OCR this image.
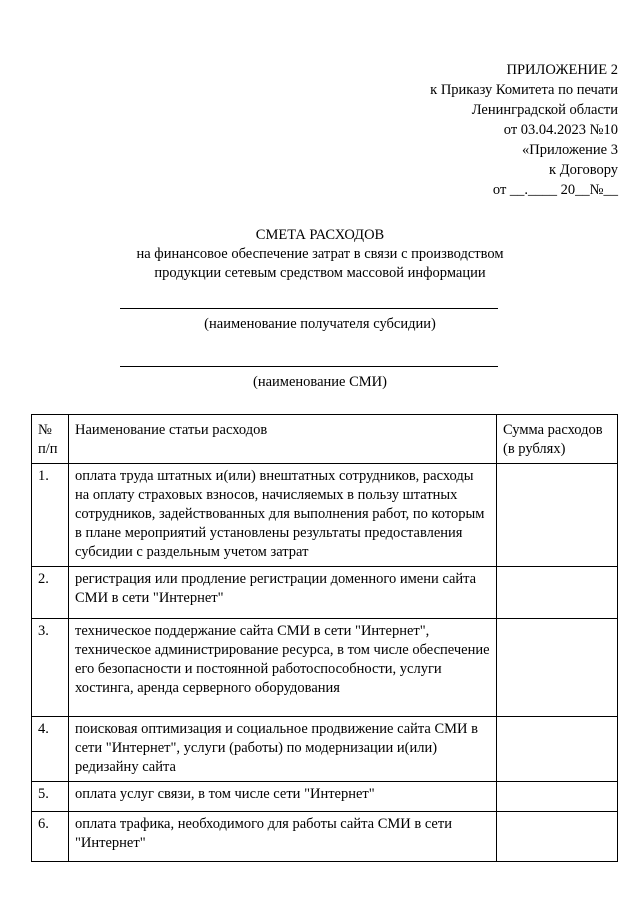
ПРИЛОЖЕНИЕ 2
к Приказу Комитета по печати
Ленинградской области
от 03.04.2023 №10
«Приложение 3
к Договору
от __.____ 20__№__
СМЕТА РАСХОДОВ
на финансовое обеспечение затрат в связи с производством
продукции сетевым средством массовой информации
(наименование получателя субсидии)
(наименование СМИ)
№ п/п	Наименование статьи расходов	Сумма расходов (в рублях)
1.	оплата труда штатных и(или) внештатных сотрудников, расходы на оплату страховых взносов, начисляемых в пользу штатных сотрудников, задействованных для выполнения работ, по которым в плане мероприятий установлены результаты предоставления субсидии с раздельным учетом затрат	
2.	регистрация или продление регистрации доменного имени сайта СМИ в сети "Интернет"	
3.	техническое поддержание сайта СМИ в сети "Интернет", техническое администрирование ресурса, в том числе обеспечение его безопасности и постоянной работоспособности, услуги хостинга, аренда серверного оборудования	
4.	поисковая оптимизация и социальное продвижение сайта СМИ в сети "Интернет", услуги (работы) по модернизации и(или) редизайну сайта	
5.	оплата услуг связи, в том числе сети "Интернет"	
6.	оплата трафика, необходимого для работы сайта СМИ в сети "Интернет"	
